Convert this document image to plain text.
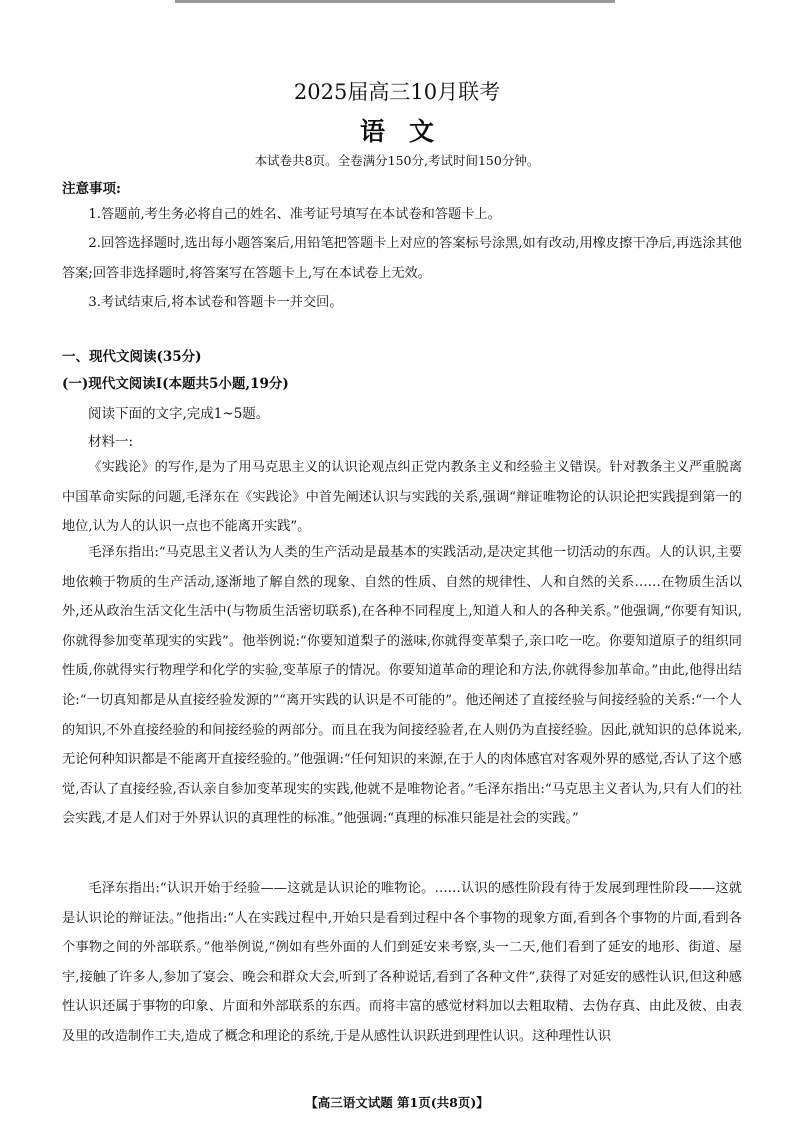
2025届高三10月联考
语文
本试卷共8页。全卷满分150分,考试时间150分钟。
注意事项:

1.答题前,考生务必将自己的姓名、准考证号填写在本试卷和答题卡上。

2.回答选择题时,选出每小题答案后,用铅笔把答题卡上对应的答案标号涂黑,如有改动,用橡皮擦干净后,再选涂其他答案;回答非选择题时,将答案写在答题卡上,写在本试卷上无效。

3.考试结束后,将本试卷和答题卡一并交回。

一、现代文阅读(35分)
(一)现代文阅读Ⅰ(本题共5小题,19分)
阅读下面的文字,完成1~5题。
材料一:

《实践论》的写作,是为了用马克思主义的认识论观点纠正党内教条主义和经验主义错误。针对教条主义严重脱离中国革命实际的问题,毛泽东在《实践论》中首先阐述认识与实践的关系,强调“辩证唯物论的认识论把实践提到第一的地位,认为人的认识一点也不能离开实践”。

毛泽东指出:“马克思主义者认为人类的生产活动是最基本的实践活动,是决定其他一切活动的东西。人的认识,主要地依赖于物质的生产活动,逐渐地了解自然的现象、自然的性质、自然的规律性、人和自然的关系……在物质生活以外,还从政治生活文化生活中(与物质生活密切联系),在各种不同程度上,知道人和人的各种关系。”他强调,“你要有知识,你就得参加变革现实的实践”。他举例说:“你要知道梨子的滋味,你就得变革梨子,亲口吃一吃。你要知道原子的组织同性质,你就得实行物理学和化学的实验,变革原子的情况。你要知道革命的理论和方法,你就得参加革命。”由此,他得出结论:“一切真知都是从直接经验发源的”“离开实践的认识是不可能的”。他还阐述了直接经验与间接经验的关系:“一个人的知识,不外直接经验的和间接经验的两部分。而且在我为间接经验者,在人则仍为直接经验。因此,就知识的总体说来,无论何种知识都是不能离开直接经验的。”他强调:“任何知识的来源,在于人的肉体感官对客观外界的感觉,否认了这个感觉,否认了直接经验,否认亲自参加变革现实的实践,他就不是唯物论者。”毛泽东指出:“马克思主义者认为,只有人们的社会实践,才是人们对于外界认识的真理性的标准。”他强调:“真理的标准只能是社会的实践。”

毛泽东指出:“认识开始于经验——这就是认识论的唯物论。……认识的感性阶段有待于发展到理性阶段——这就是认识论的辩证法。”他指出:“人在实践过程中,开始只是看到过程中各个事物的现象方面,看到各个事物的片面,看到各个事物之间的外部联系。”他举例说,“例如有些外面的人们到延安来考察,头一二天,他们看到了延安的地形、街道、屋宇,接触了许多人,参加了宴会、晚会和群众大会,听到了各种说话,看到了各种文件”,获得了对延安的感性认识,但这种感性认识还属于事物的印象、片面和外部联系的东西。而将丰富的感觉材料加以去粗取精、去伪存真、由此及彼、由表及里的改造制作工夫,造成了概念和理论的系统,于是从感性认识跃进到理性认识。这种理性认识

【高三语文试题 第1页(共8页)】
